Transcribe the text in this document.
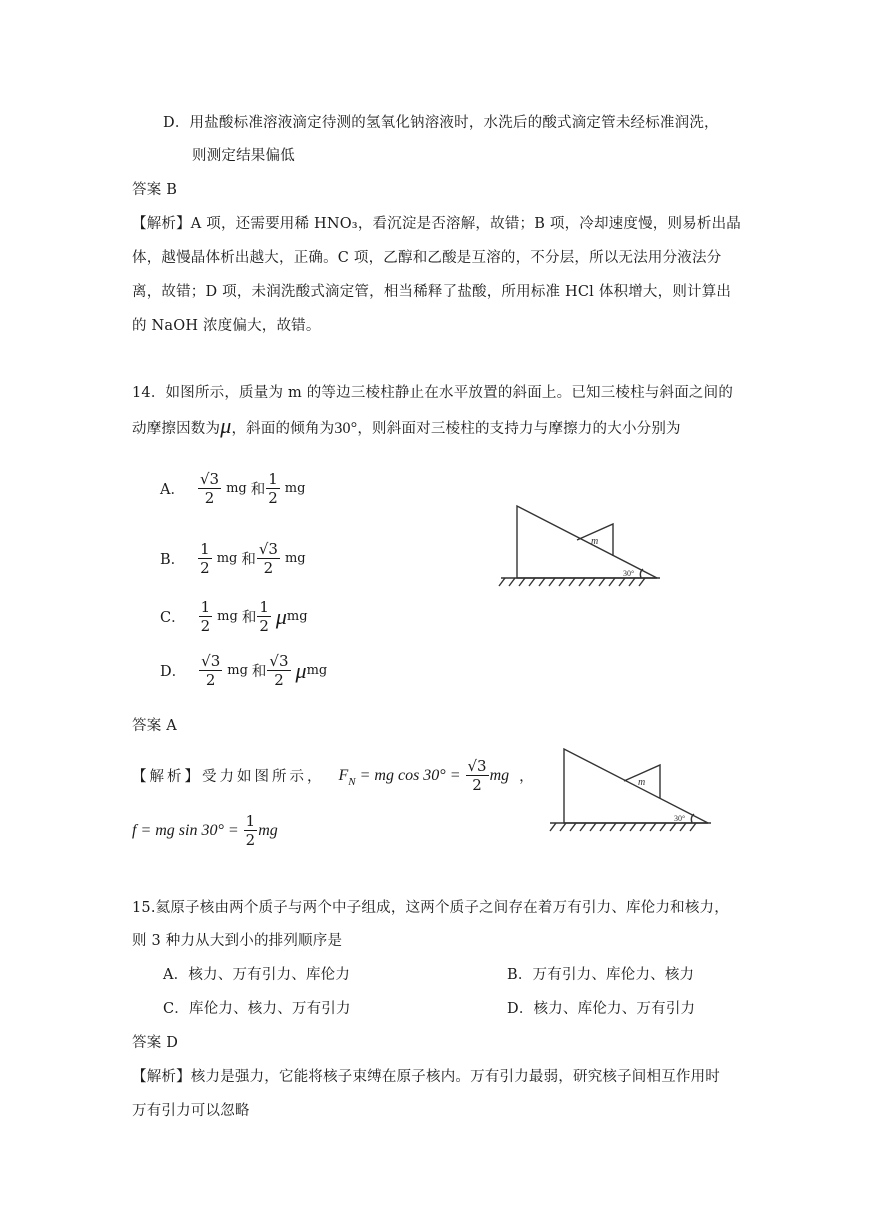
D．用盐酸标准溶液滴定待测的氢氧化钠溶液时，水洗后的酸式滴定管未经标准润洗，
则测定结果偏低
答案 B
【解析】A 项，还需要用稀 HNO₃，看沉淀是否溶解，故错；B 项，冷却速度慢，则易析出晶
体，越慢晶体析出越大，正确。C 项，乙醇和乙酸是互溶的，不分层，所以无法用分液法分
离，故错；D 项，未润洗酸式滴定管，相当稀释了盐酸，所用标准 HCl 体积增大，则计算出
的 NaOH 浓度偏大，故错。
14．如图所示，质量为 m 的等边三棱柱静止在水平放置的斜面上。已知三棱柱与斜面之间的
动摩擦因数为μ，斜面的倾角为30°，则斜面对三棱柱的支持力与摩擦力的大小分别为
A． $\frac{√3}{2}$ mg 和 $\frac{1}{2}$ mg
B． $\frac{1}{2}$ mg 和 $\frac{√3}{2}$ mg
C． $\frac{1}{2}$ mg 和 $\frac{1}{2}$ μ mg
D． $\frac{√3}{2}$ mg 和 $\frac{√3}{2}$ μ mg
m
30°
答案 A
【解析】受力如图所示， F N = mg $\cos 30^\circ = \frac{√3}{2}$ mg ，
f = mg $\sin 30^\circ = \frac{1}{2}$ mg
m
30°
15.氦原子核由两个质子与两个中子组成，这两个质子之间存在着万有引力、库伦力和核力，
则 3 种力从大到小的排列顺序是
A．核力、万有引力、库伦力	B．万有引力、库伦力、核力
C．库伦力、核力、万有引力	D．核力、库伦力、万有引力
答案 D
【解析】核力是强力，它能将核子束缚在原子核内。万有引力最弱，研究核子间相互作用时
万有引力可以忽略
